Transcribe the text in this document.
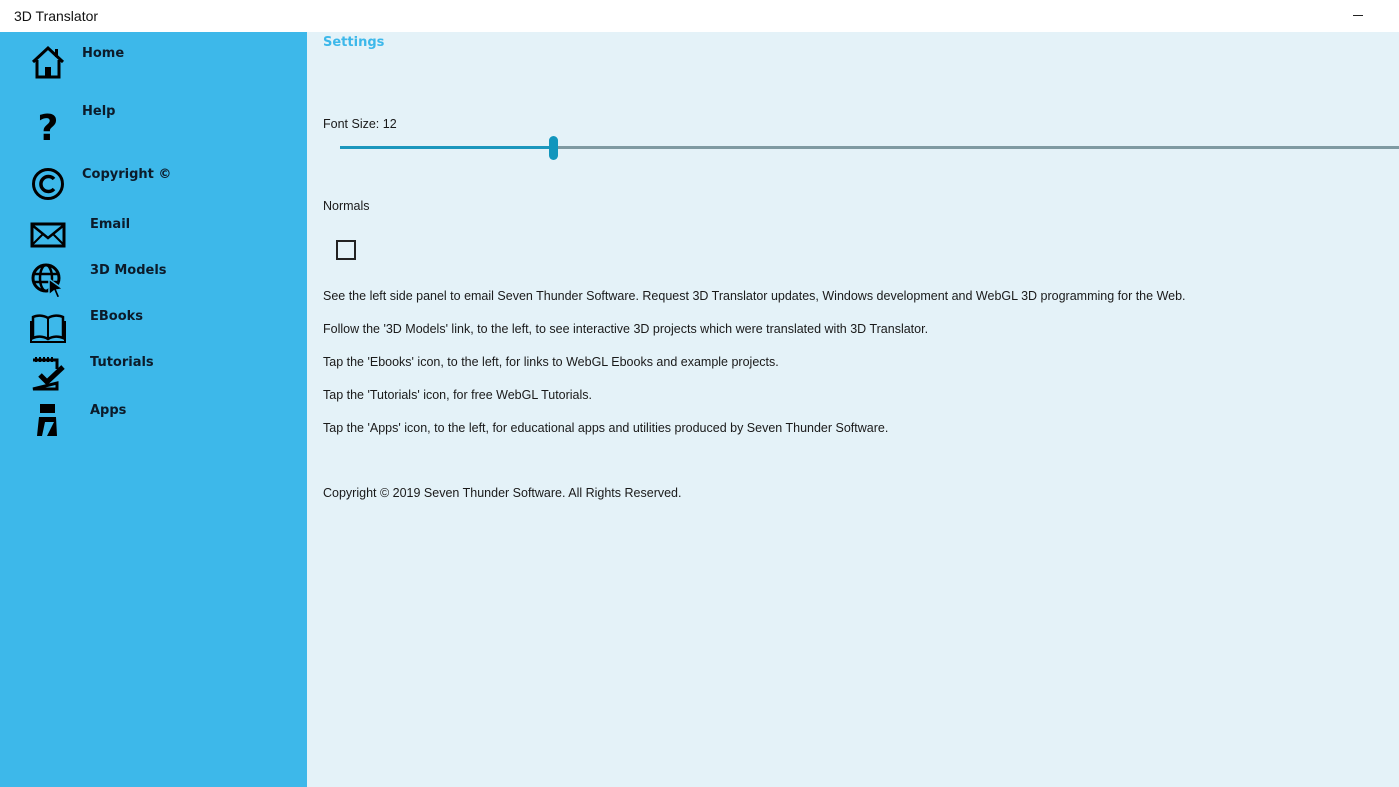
3D Translator
Home
? Help
Copyright ©
Email
3D Models
EBooks
Tutorials
Apps
Settings
Font Size: 12
Normals
See the left side panel to email Seven Thunder Software. Request 3D Translator updates, Windows development and WebGL 3D programming for the Web.
Follow the '3D Models' link, to the left, to see interactive 3D projects which were translated with 3D Translator.
Tap the 'Ebooks' icon, to the left, for links to WebGL Ebooks and example projects.
Tap the 'Tutorials' icon, for free WebGL Tutorials.
Tap the 'Apps' icon, to the left, for educational apps and utilities produced by Seven Thunder Software.
Copyright © 2019 Seven Thunder Software. All Rights Reserved.
